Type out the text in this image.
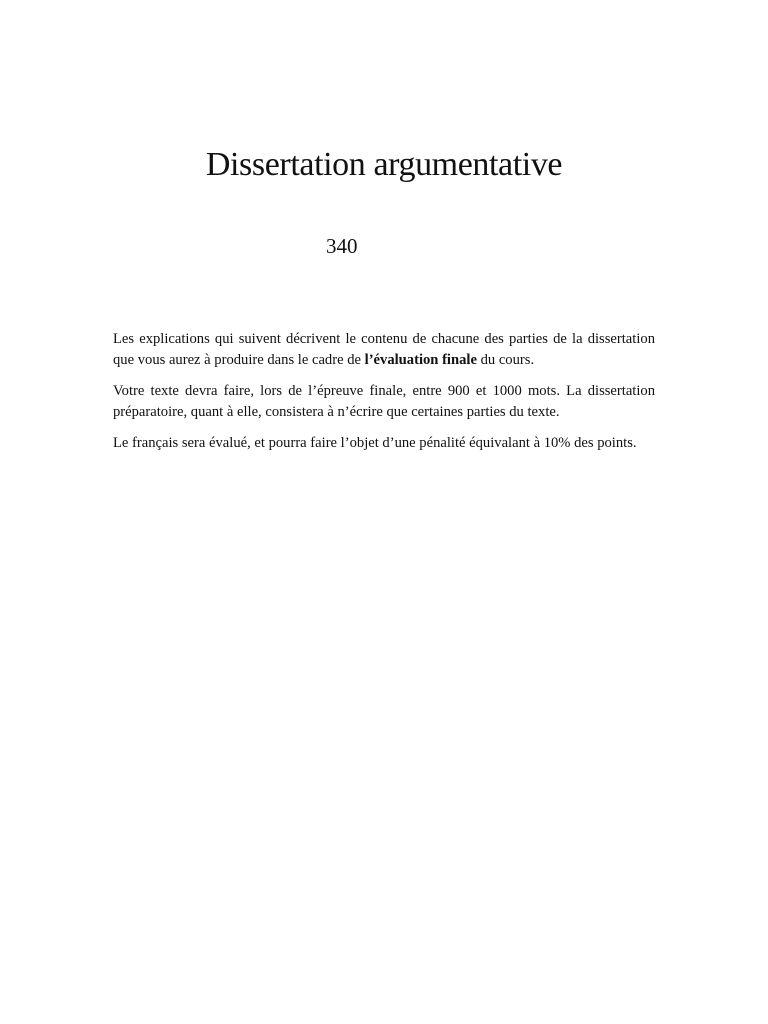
Dissertation argumentative
340

Les explications qui suivent décrivent le contenu de chacune des parties de la dissertation que vous aurez à produire dans le cadre de l’évaluation finale du cours.

Votre texte devra faire, lors de l’épreuve finale, entre 900 et 1000 mots. La dissertation préparatoire, quant à elle, consistera à n’écrire que certaines parties du texte.

Le français sera évalué, et pourra faire l’objet d’une pénalité équivalant à 10% des points.
